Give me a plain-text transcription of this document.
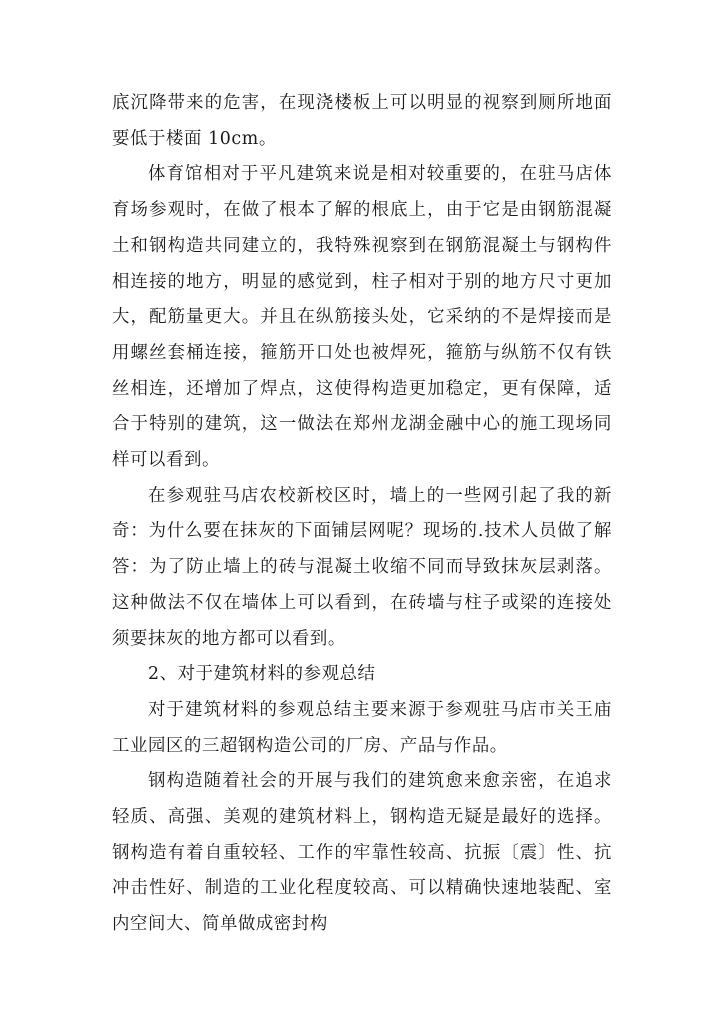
底沉降带来的危害，在现浇楼板上可以明显的视察到厕所地面要低于楼面 10cm。

体育馆相对于平凡建筑来说是相对较重要的，在驻马店体育场参观时，在做了根本了解的根底上，由于它是由钢筋混凝土和钢构造共同建立的，我特殊视察到在钢筋混凝土与钢构件相连接的地方，明显的感觉到，柱子相对于别的地方尺寸更加大，配筋量更大。并且在纵筋接头处，它采纳的不是焊接而是用螺丝套桶连接，箍筋开口处也被焊死，箍筋与纵筋不仅有铁丝相连，还增加了焊点，这使得构造更加稳定，更有保障，适合于特别的建筑，这一做法在郑州龙湖金融中心的施工现场同样可以看到。

在参观驻马店农校新校区时，墙上的一些网引起了我的新奇：为什么要在抹灰的下面铺层网呢？现场的.技术人员做了解答：为了防止墙上的砖与混凝土收缩不同而导致抹灰层剥落。这种做法不仅在墙体上可以看到，在砖墙与柱子或梁的连接处须要抹灰的地方都可以看到。

2、对于建筑材料的参观总结

对于建筑材料的参观总结主要来源于参观驻马店市关王庙工业园区的三超钢构造公司的厂房、产品与作品。

钢构造随着社会的开展与我们的建筑愈来愈亲密，在追求轻质、高强、美观的建筑材料上，钢构造无疑是最好的选择。钢构造有着自重较轻、工作的牢靠性较高、抗振〔震〕性、抗冲击性好、制造的工业化程度较高、可以精确快速地装配、室内空间大、简单做成密封构
